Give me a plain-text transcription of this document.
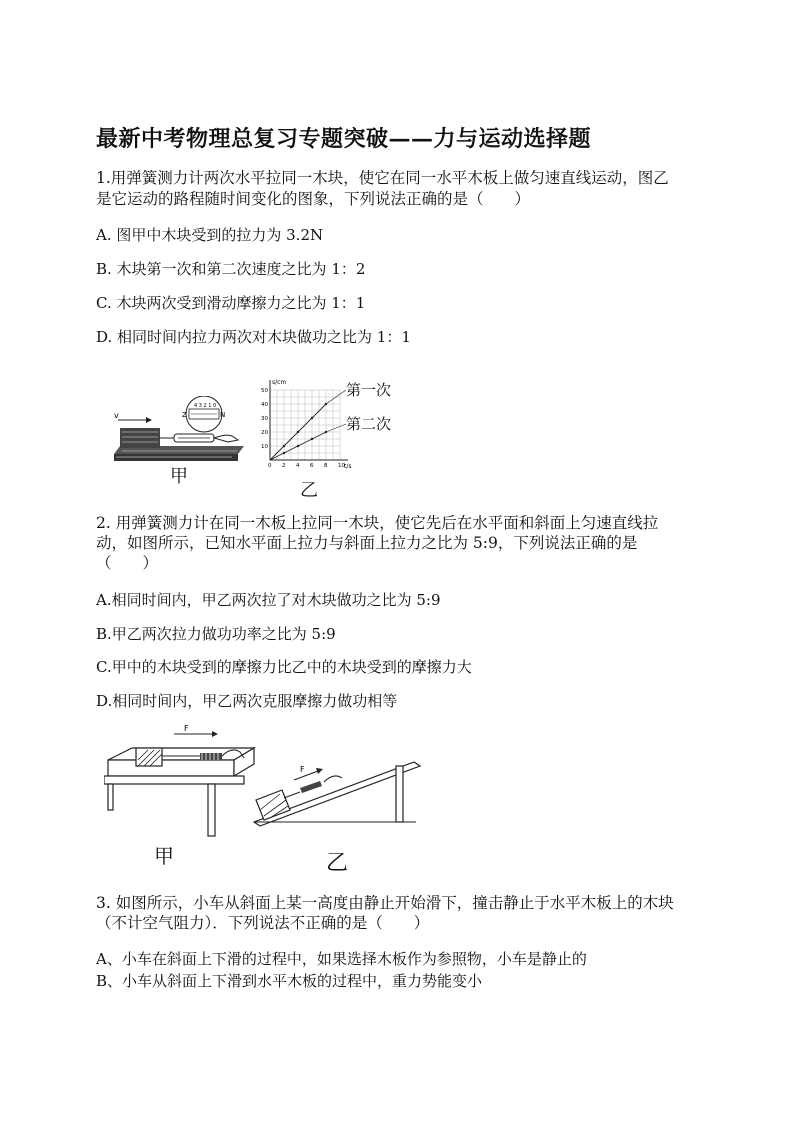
最新中考物理总复习专题突破——力与运动选择题
1.用弹簧测力计两次水平拉同一木块，使它在同一水平木板上做匀速直线运动，图乙
是它运动的路程随时间变化的图象，下列说法正确的是（　　）
A. 图甲中木块受到的拉力为 3.2N
B. 木块第一次和第二次速度之比为 1：2
C. 木块两次受到滑动摩擦力之比为 1：1
D. 相同时间内拉力两次对木块做功之比为 1：1
v
4 3 2 1 0
N
Z
甲	0 2 4 6 8 10
10
20
30
40
50
s/cm
t/s
第一次
第二次
乙
2. 用弹簧测力计在同一木板上拉同一木块，使它先后在水平面和斜面上匀速直线拉
动，如图所示，已知水平面上拉力与斜面上拉力之比为 5:9，下列说法正确的是
（　　）
A.相同时间内，甲乙两次拉了对木块做功之比为 5:9
B.甲乙两次拉力做功功率之比为 5:9
C.甲中的木块受到的摩擦力比乙中的木块受到的摩擦力大
D.相同时间内，甲乙两次克服摩擦力做功相等
F
F
甲	乙
3. 如图所示，小车从斜面上某一高度由静止开始滑下，撞击静止于水平木板上的木块
（不计空气阻力）．下列说法不正确的是（　　）
A、小车在斜面上下滑的过程中，如果选择木板作为参照物，小车是静止的
B、小车从斜面上下滑到水平木板的过程中，重力势能变小
